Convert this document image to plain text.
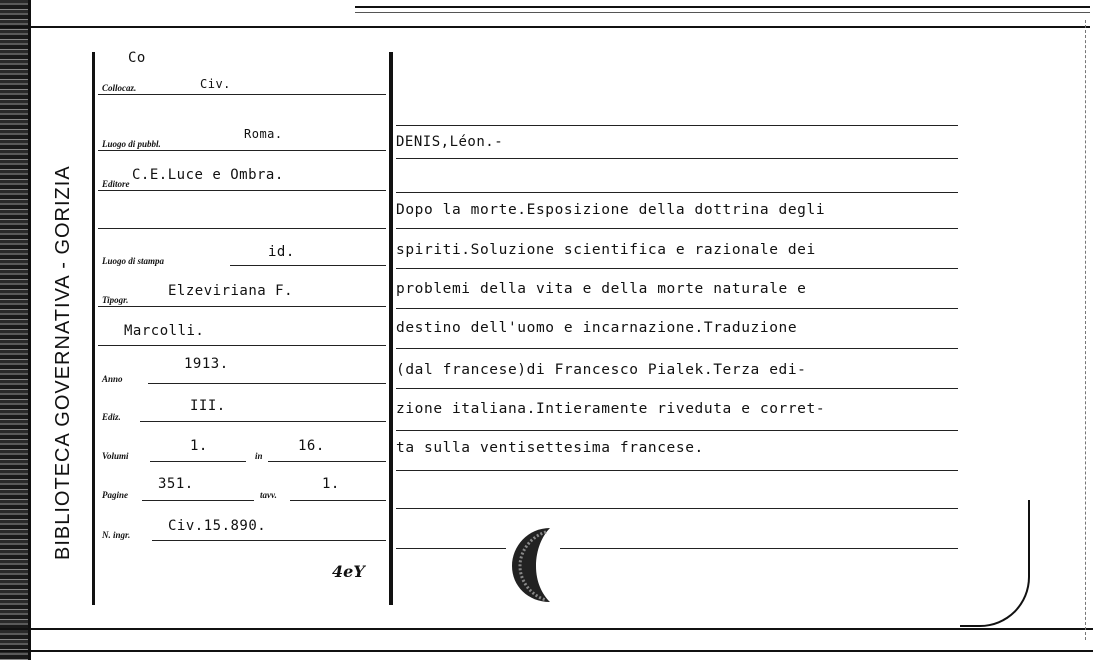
BIBLIOTECA GOVERNATIVA - GORIZIA
Co
Collocaz.	Civ.
Luogo di pubbl.
Roma.
Editore
C.E.Luce e Ombra.
Luogo di stampa
id.
Tipogr.
Elzeviriana F.
Marcolli.
Anno
1913.
Ediz.
III.
Volumi
1.
in
16.
Pagine
351.
tavv.
1.
N. ingr.
Civ.15.890.
4eY
DENIS,Léon.-
Dopo la morte.Esposizione della dottrina degli
spiriti.Soluzione scientifica e razionale dei
problemi della vita e della morte naturale e
destino dell'uomo e incarnazione.Traduzione
(dal francese)di Francesco Pialek.Terza edi-
zione italiana.Intieramente riveduta e corret-
ta sulla ventisettesima francese.
